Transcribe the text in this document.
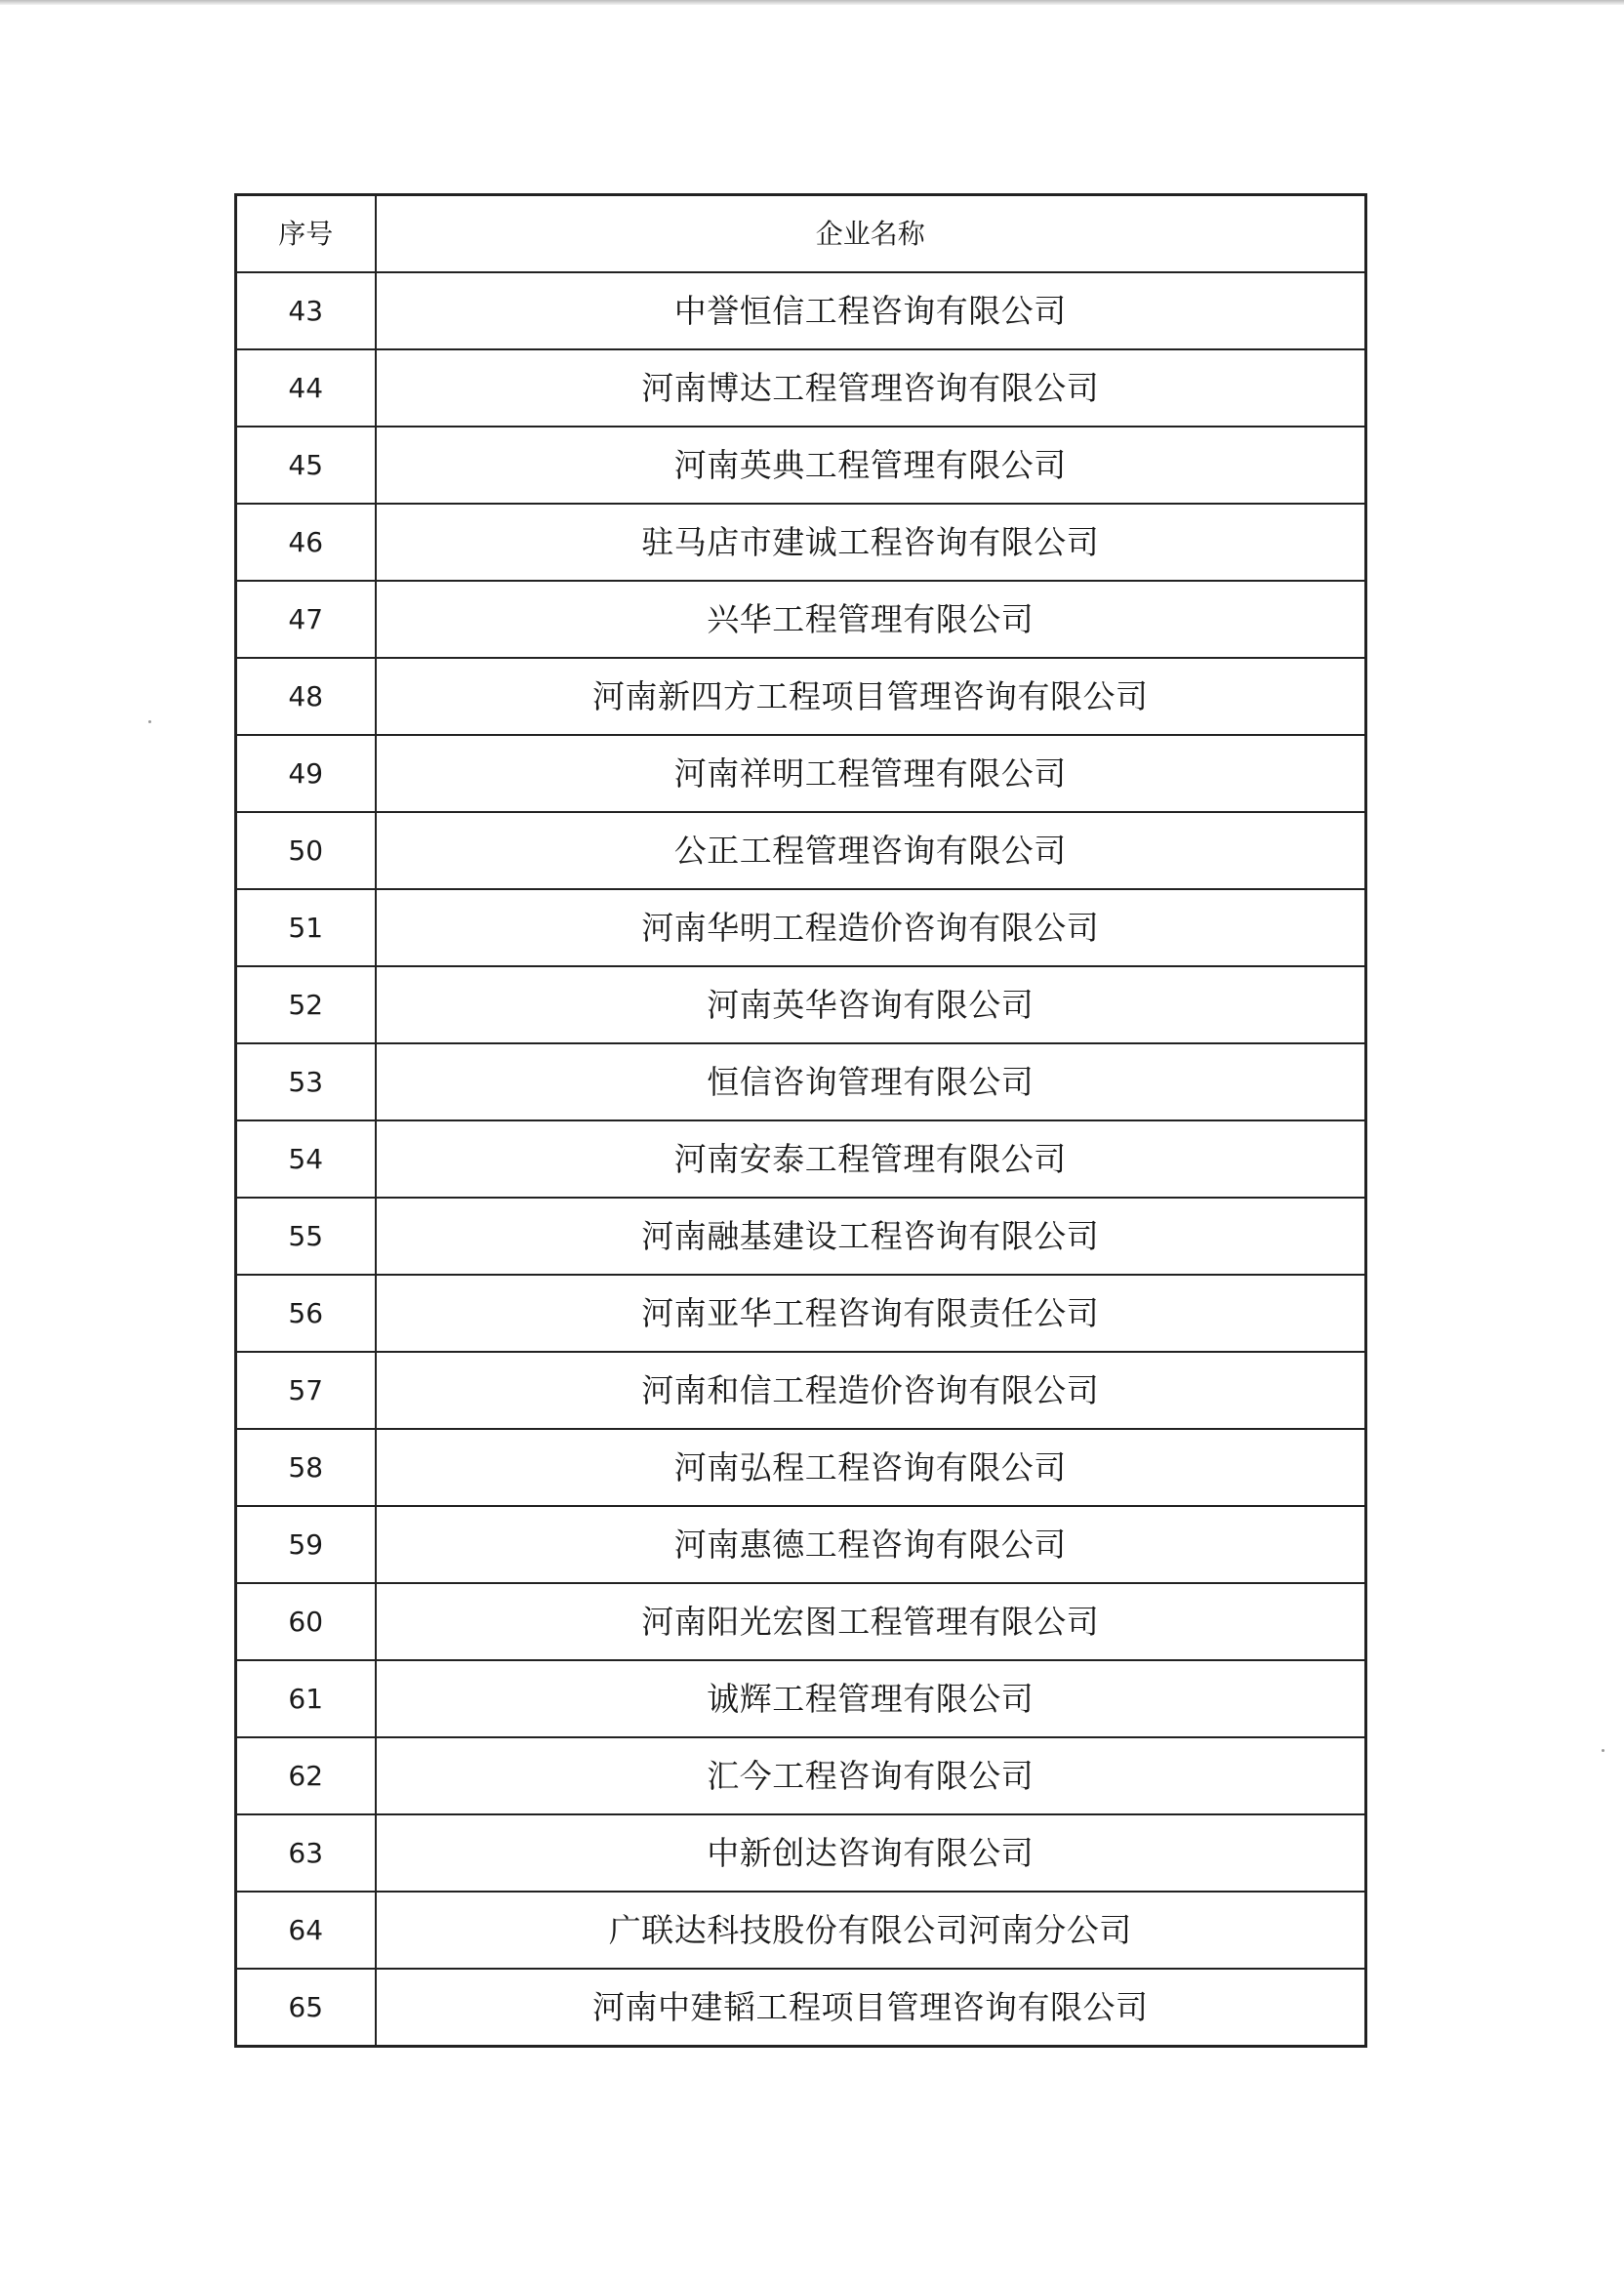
序号	企业名称
43	中誉恒信工程咨询有限公司
44	河南博达工程管理咨询有限公司
45	河南英典工程管理有限公司
46	驻马店市建诚工程咨询有限公司
47	兴华工程管理有限公司
48	河南新四方工程项目管理咨询有限公司
49	河南祥明工程管理有限公司
50	公正工程管理咨询有限公司
51	河南华明工程造价咨询有限公司
52	河南英华咨询有限公司
53	恒信咨询管理有限公司
54	河南安泰工程管理有限公司
55	河南融基建设工程咨询有限公司
56	河南亚华工程咨询有限责任公司
57	河南和信工程造价咨询有限公司
58	河南弘程工程咨询有限公司
59	河南惠德工程咨询有限公司
60	河南阳光宏图工程管理有限公司
61	诚辉工程管理有限公司
62	汇今工程咨询有限公司
63	中新创达咨询有限公司
64	广联达科技股份有限公司河南分公司
65	河南中建韬工程项目管理咨询有限公司
